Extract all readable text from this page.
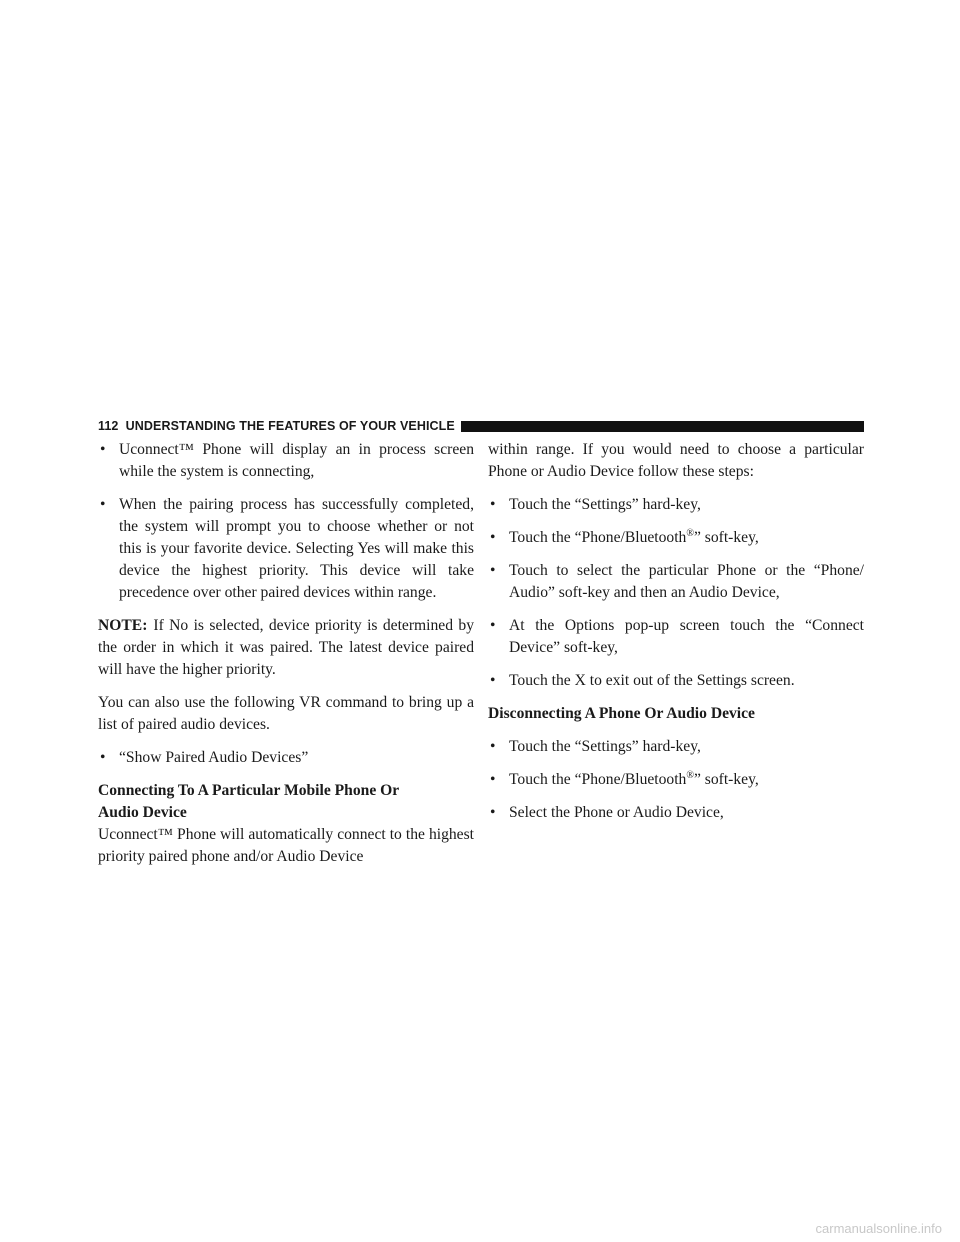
112 UNDERSTANDING THE FEATURES OF YOUR VEHICLE
• Uconnect™ Phone will display an in process screen while the system is connecting,
• When the pairing process has successfully completed, the system will prompt you to choose whether or not this is your favorite device. Selecting Yes will make this device the highest priority. This device will take precedence over other paired devices within range.

NOTE: If No is selected, device priority is determined by the order in which it was paired. The latest device paired will have the higher priority.

You can also use the following VR command to bring up a list of paired audio devices.

• “Show Paired Audio Devices”

Connecting To A Particular Mobile Phone Or
Audio Device

Uconnect™ Phone will automatically connect to the highest priority paired phone and/or Audio Device

within range. If you would need to choose a particular Phone or Audio Device follow these steps:

• Touch the “Settings” hard-key,
• Touch the “Phone/Bluetooth®” soft-key,
• Touch to select the particular Phone or the “Phone/ Audio” soft-key and then an Audio Device,
• At the Options pop-up screen touch the “Connect Device” soft-key,
• Touch the X to exit out of the Settings screen.

Disconnecting A Phone Or Audio Device

• Touch the “Settings” hard-key,
• Touch the “Phone/Bluetooth®” soft-key,
• Select the Phone or Audio Device,
carmanualsonline.info
